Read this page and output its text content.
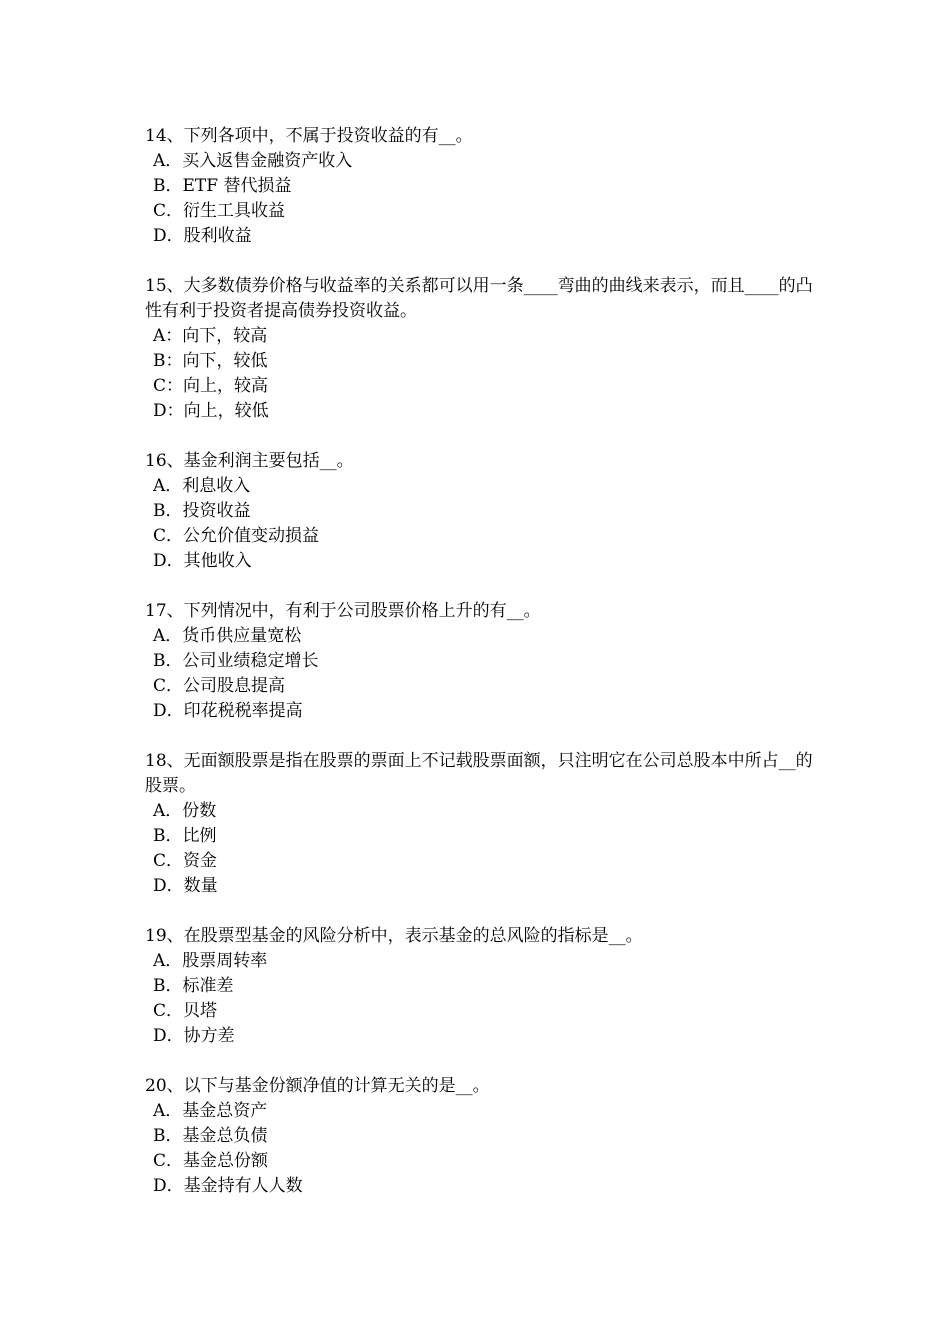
14、下列各项中，不属于投资收益的有__。

A．买入返售金融资产收入
B．ETF 替代损益
C．衍生工具收益
D．股利收益

15、大多数债券价格与收益率的关系都可以用一条____弯曲的曲线来表示，而且____的凸性有利于投资者提高债券投资收益。

A：向下，较高
B：向下，较低
C：向上，较高
D：向上，较低

16、基金利润主要包括__。

A．利息收入
B．投资收益
C．公允价值变动损益
D．其他收入

17、下列情况中，有利于公司股票价格上升的有__。

A．货币供应量宽松
B．公司业绩稳定增长
C．公司股息提高
D．印花税税率提高

18、无面额股票是指在股票的票面上不记载股票面额，只注明它在公司总股本中所占__的股票。

A．份数
B．比例
C．资金
D．数量

19、在股票型基金的风险分析中，表示基金的总风险的指标是__。

A．股票周转率
B．标准差
C．贝塔
D．协方差

20、以下与基金份额净值的计算无关的是__。

A．基金总资产
B．基金总负债
C．基金总份额
D．基金持有人人数
